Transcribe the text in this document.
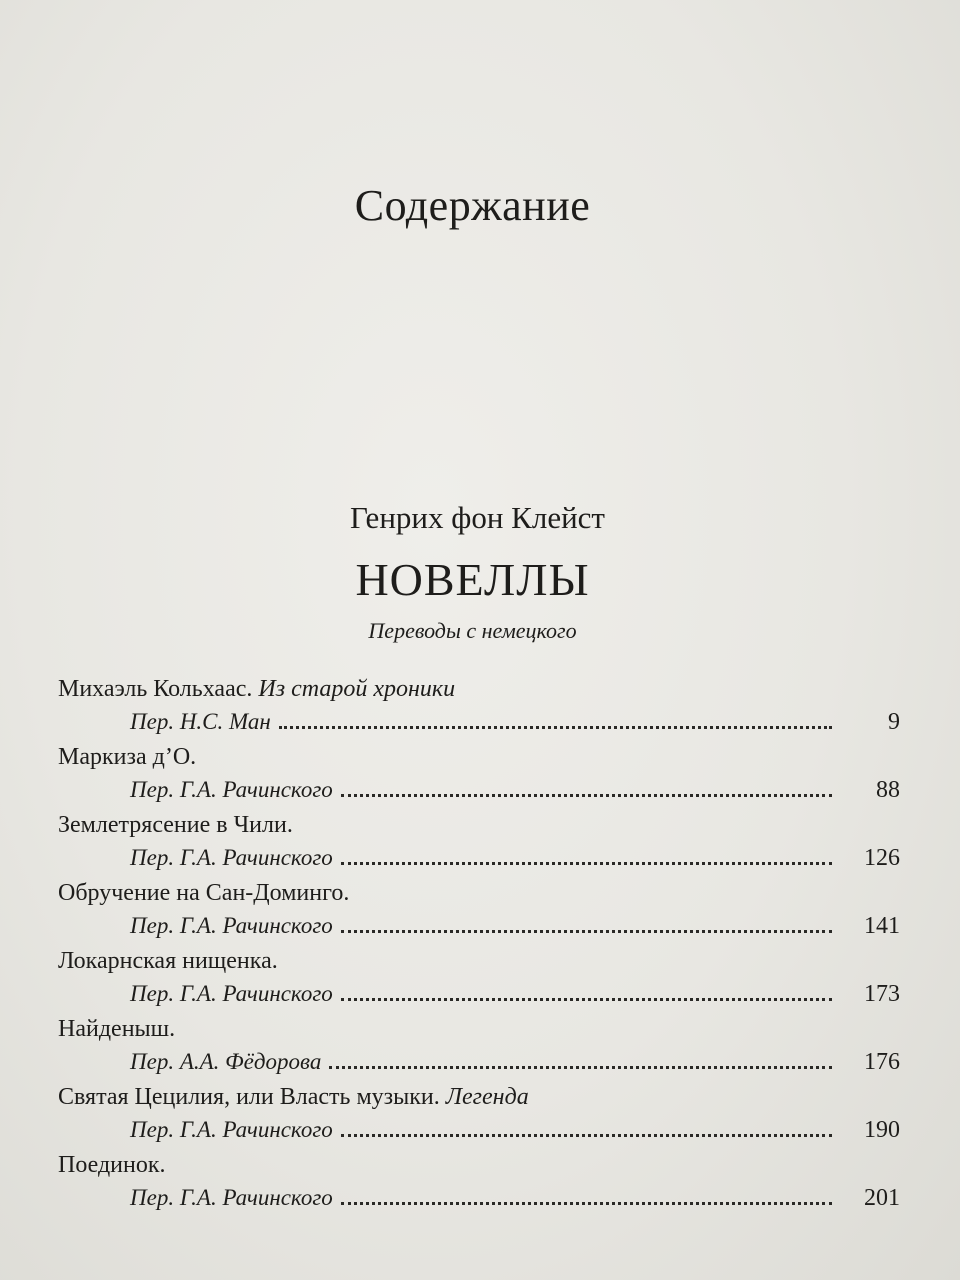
Содержание
Генрих фон Клейст
НОВЕЛЛЫ
Переводы с немецкого
Михаэль Кольхаас. Из старой хроники
Пер. Н.С. Ман	9
Маркиза д’О.
Пер. Г.А. Рачинского	88
Землетрясение в Чили.
Пер. Г.А. Рачинского	126
Обручение на Сан-Доминго.
Пер. Г.А. Рачинского	141
Локарнская нищенка.
Пер. Г.А. Рачинского	173
Найденыш.
Пер. А.А. Фёдорова	176
Святая Цецилия, или Власть музыки. Легенда
Пер. Г.А. Рачинского	190
Поединок.
Пер. Г.А. Рачинского	201
